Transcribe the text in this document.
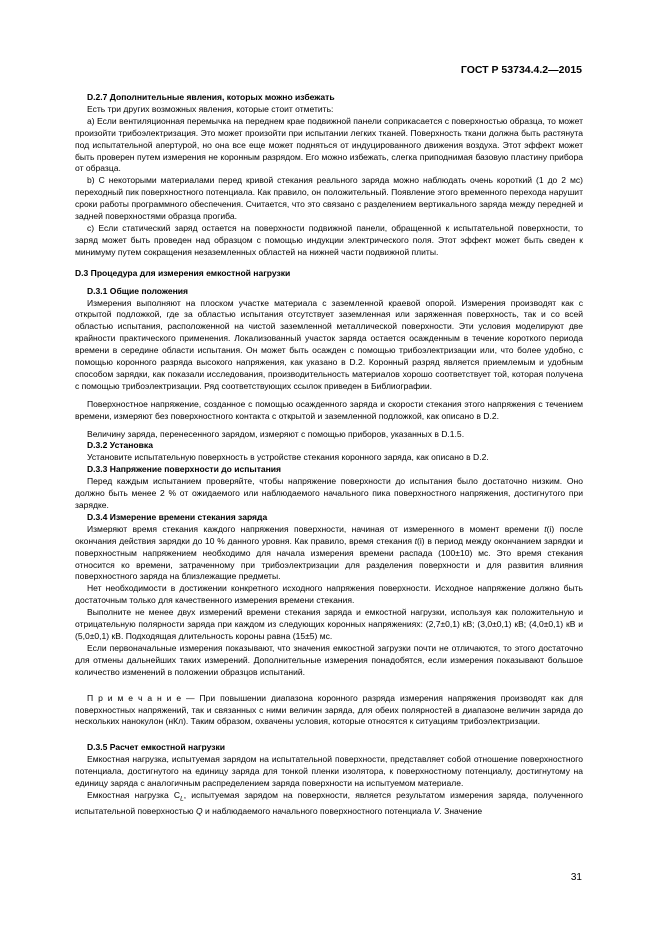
ГОСТ Р 53734.4.2—2015

D.2.7 Дополнительные явления, которых можно избежать

Есть три других возможных явления, которые стоит отметить:

а) Если вентиляционная перемычка на переднем крае подвижной панели соприкасается с поверхностью образца, то может произойти трибоэлектризация. Это может произойти при испытании легких тканей. Поверхность ткани должна быть растянута под испытательной апертурой, но она все еще может подняться от индуцированного движения воздуха. Этот эффект может быть проверен путем измерения не коронным разрядом. Его можно избежать, слегка приподнимая базовую пластину прибора от образца.

b) С некоторыми материалами перед кривой стекания реального заряда можно наблюдать очень короткий (1 до 2 мс) переходный пик поверхностного потенциала. Как правило, он положительный. Появление этого временного перехода нарушит сроки работы программного обеспечения. Считается, что это связано с разделением вертикального заряда между передней и задней поверхностями образца прогиба.

c) Если статический заряд остается на поверхности подвижной панели, обращенной к испытательной поверхности, то заряд может быть проведен над образцом с помощью индукции электрического поля. Этот эффект может быть сведен к минимуму путем сокращения незаземленных областей на нижней части подвижной плиты.

D.3 Процедура для измерения емкостной нагрузки

D.3.1 Общие положения

Измерения выполняют на плоском участке материала с заземленной краевой опорой. Измерения производят как с открытой подложкой, где за областью испытания отсутствует заземленная или заряженная поверхность, так и со всей областью испытания, расположенной на чистой заземленной металлической поверхности. Эти условия моделируют две крайности практического применения. Локализованный участок заряда остается осажденным в течение короткого периода времени в середине области испытания. Он может быть осажден с помощью трибоэлектризации или, что более удобно, с помощью коронного разряда высокого напряжения, как указано в D.2. Коронный разряд является приемлемым и удобным способом зарядки, как показали исследования, производительность материалов хорошо соответствует той, которая получена с помощью трибоэлектризации. Ряд соответствующих ссылок приведен в Библиографии.

Поверхностное напряжение, созданное с помощью осажденного заряда и скорости стекания этого напряжения с течением времени, измеряют без поверхностного контакта с открытой и заземленной подложкой, как описано в D.2.

Величину заряда, перенесенного зарядом, измеряют с помощью приборов, указанных в D.1.5.

D.3.2 Установка

Установите испытательную поверхность в устройстве стекания коронного заряда, как описано в D.2.

D.3.3 Напряжение поверхности до испытания

Перед каждым испытанием проверяйте, чтобы напряжение поверхности до испытания было достаточно низким. Оно должно быть менее 2 % от ожидаемого или наблюдаемого начального пика поверхностного напряжения, достигнутого при зарядке.

D.3.4 Измерение времени стекания заряда

Измеряют время стекания каждого напряжения поверхности, начиная от измеренного в момент времени t(i) после окончания действия зарядки до 10 % данного уровня. Как правило, время стекания t(i) в период между окончанием зарядки и поверхностным напряжением необходимо для начала измерения времени распада (100±10) мс. Это время стекания относится ко времени, затраченному при трибоэлектризации для разделения поверхности и для развития влияния поверхностного заряда на близлежащие предметы.

Нет необходимости в достижении конкретного исходного напряжения поверхности. Исходное напряжение должно быть достаточным только для качественного измерения времени стекания.

Выполните не менее двух измерений времени стекания заряда и емкостной нагрузки, используя как положительную и отрицательную полярности заряда при каждом из следующих коронных напряжениях: (2,7±0,1) кВ; (3,0±0,1) кВ; (4,0±0,1) кВ и (5,0±0,1) кВ. Подходящая длительность короны равна (15±5) мс.

Если первоначальные измерения показывают, что значения емкостной загрузки почти не отличаются, то этого достаточно для отмены дальнейших таких измерений. Дополнительные измерения понадобятся, если измерения показывают большое количество изменений в положении образцов испытаний.

П р и м е ч а н и е — При повышении диапазона коронного разряда измерения напряжения производят как для поверхностных напряжений, так и связанных с ними величин заряда, для обеих полярностей в диапазоне величин заряда до нескольких нанокулон (нКл). Таким образом, охвачены условия, которые относятся к ситуациям трибоэлектризации.

D.3.5 Расчет емкостной нагрузки

Емкостная нагрузка, испытуемая зарядом на испытательной поверхности, представляет собой отношение поверхностного потенциала, достигнутого на единицу заряда для тонкой пленки изолятора, к поверхностному потенциалу, достигнутому на единицу заряда с аналогичным распределением заряда поверхности на испытуемом материале.

Емкостная нагрузка $C_L$, испытуемая зарядом на поверхности, является результатом измерения заряда, полученного испытательной поверхностью Q и наблюдаемого начального поверхностного потенциала V. Значение

31
